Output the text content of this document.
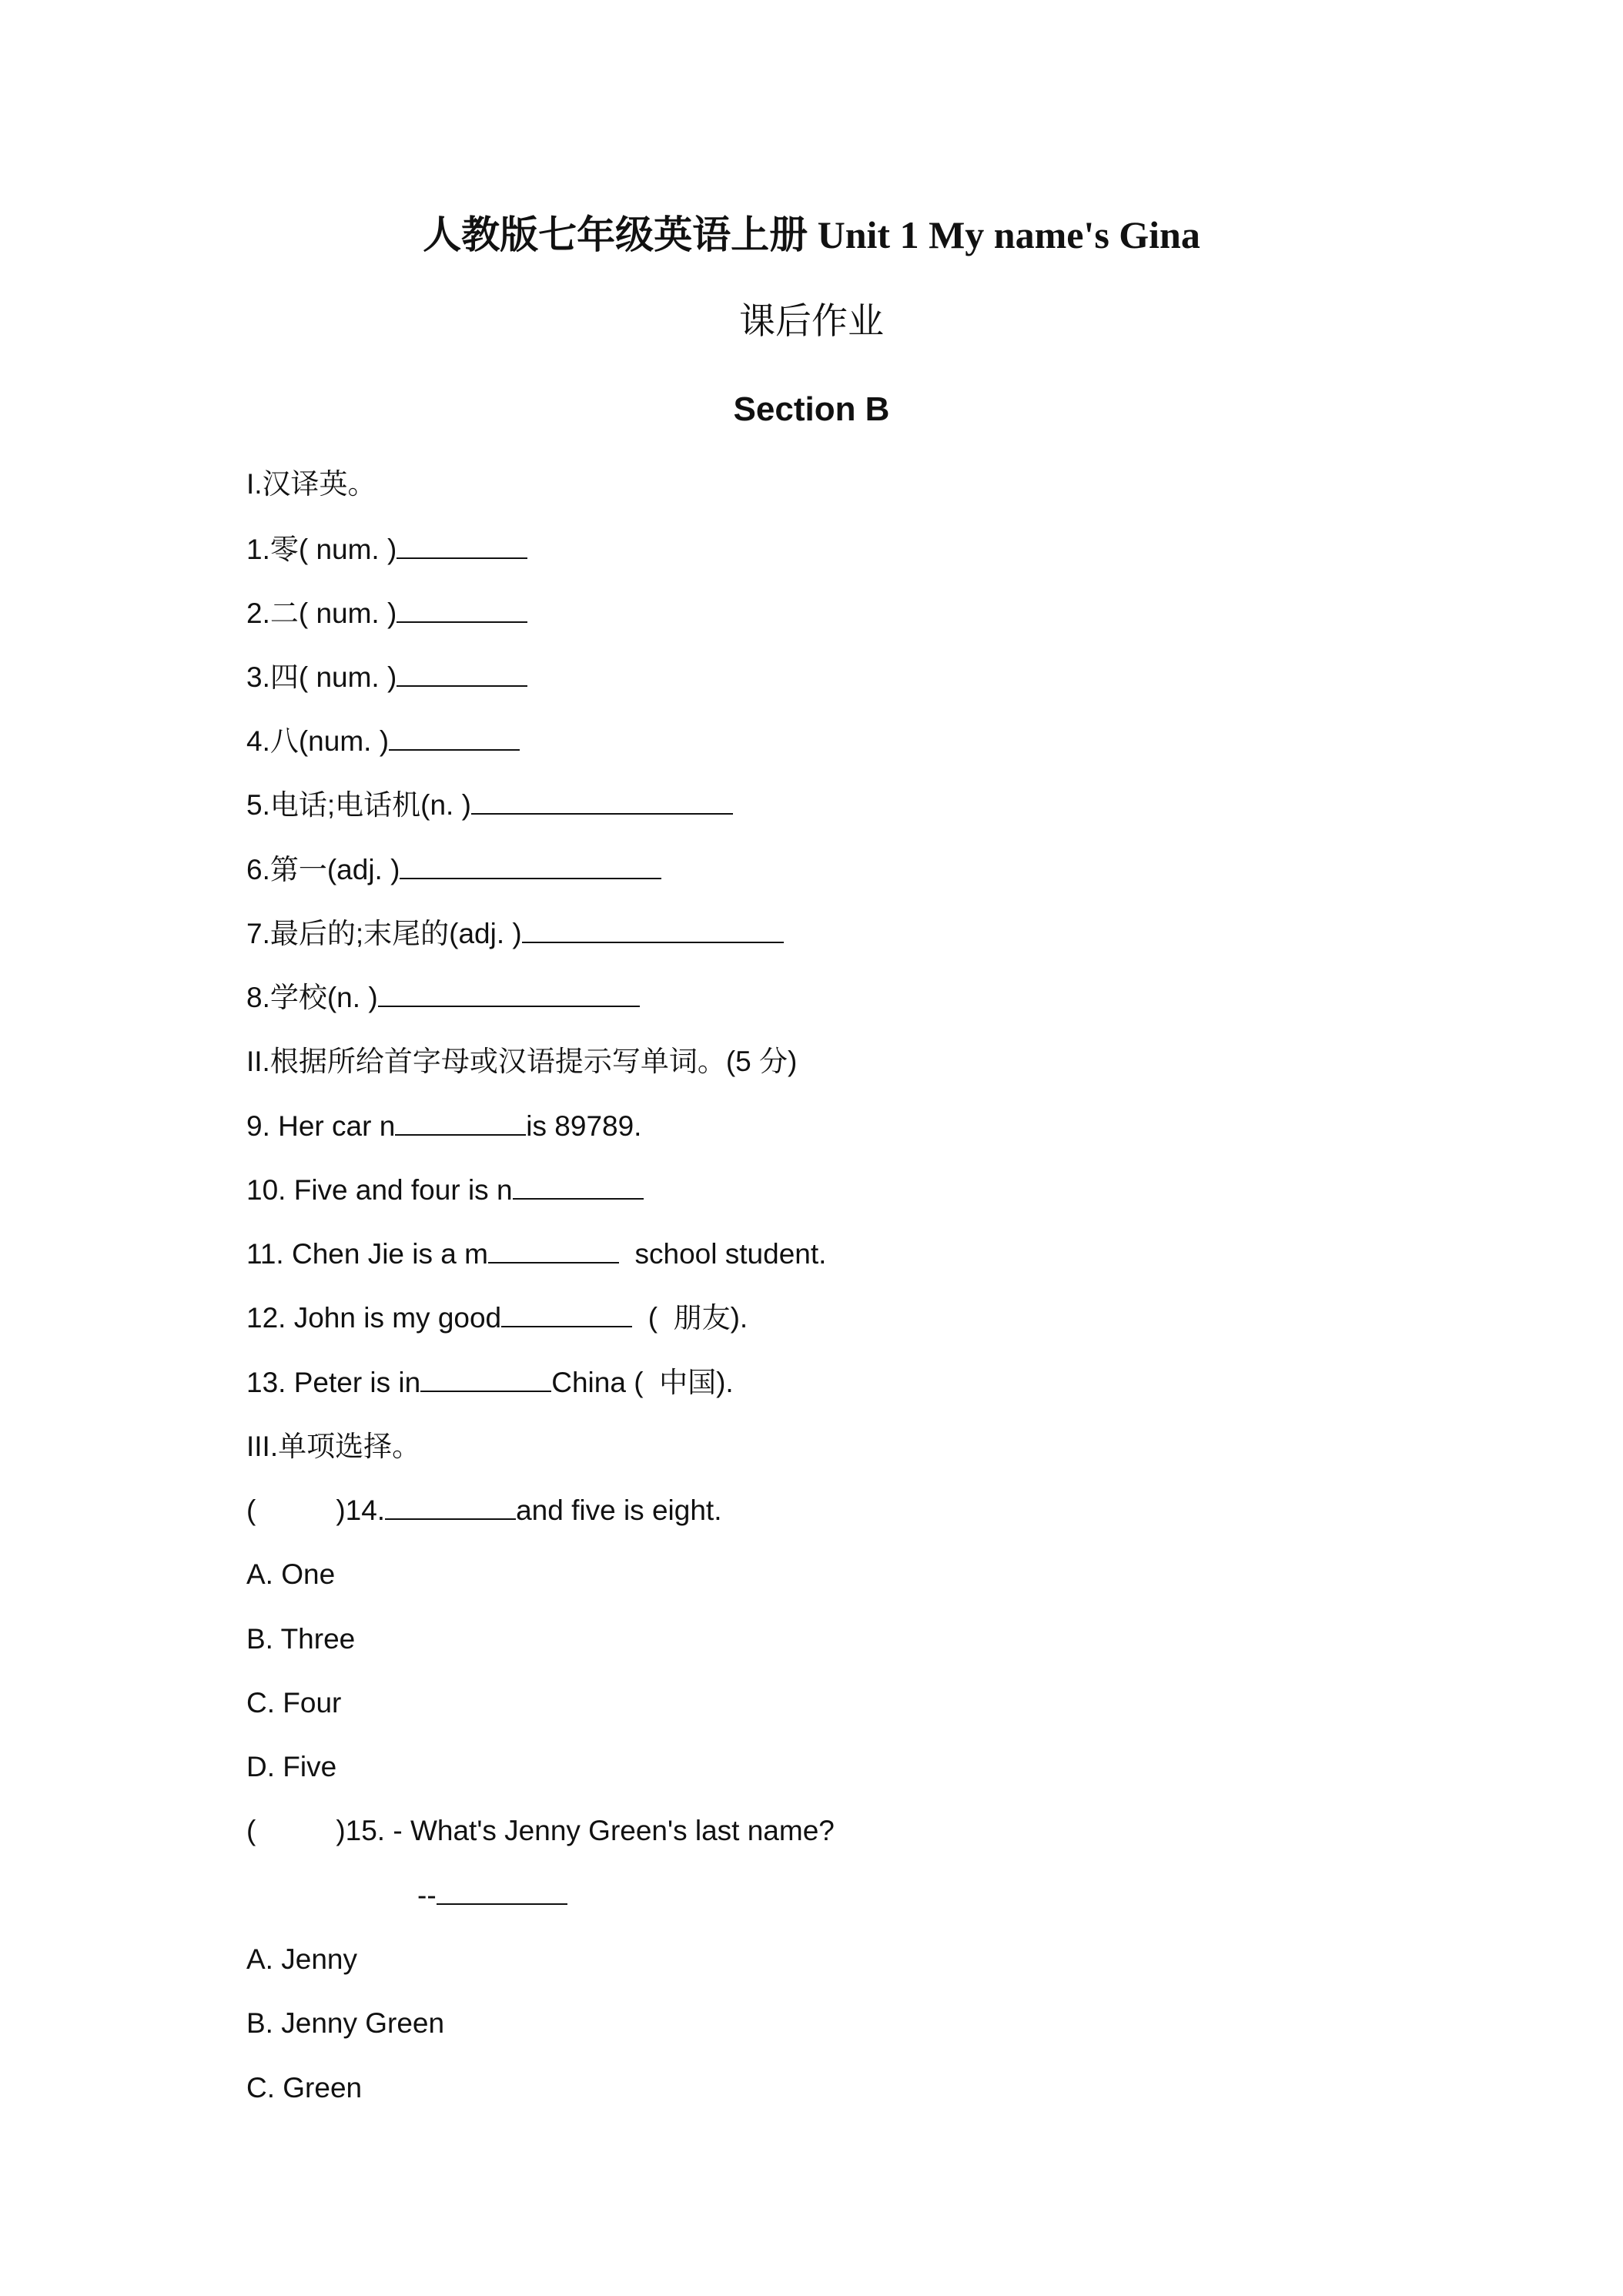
人教版七年级英语上册 Unit 1 My name's Gina
课后作业
Section B
I.汉译英。
1.零( num. )
2.二( num. )
3.四( num. )
4.八(num. )
5.电话;电话机(n. )
6.第一(adj. )
7.最后的;末尾的(adj. )
8.学校(n. )
II.根据所给首字母或汉语提示写单词。(5 分)
9. Her car n	is 89789.
10. Five and four is n
11. Chen Jie is a m	school student.
12. John is my good	(  朋友).
13. Peter is in	China (  中国).
III.单项选择。
(	)14.	and five is eight.
A. One
B. Three
C. Four
D. Five
(	)15. - What's Jenny Green's last name?
--
A. Jenny
B. Jenny Green
C. Green
